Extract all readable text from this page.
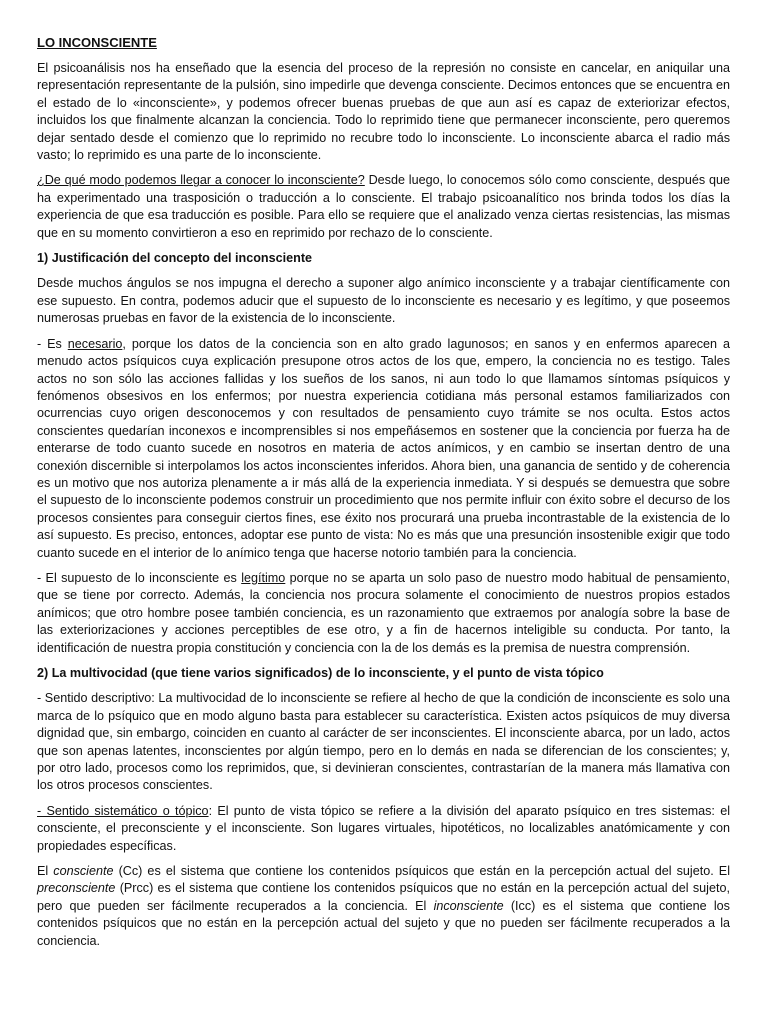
LO INCONSCIENTE

El psicoanálisis nos ha enseñado que la esencia del proceso de la represión no consiste en cancelar, en aniquilar una representación representante de la pulsión, sino impedirle que devenga consciente. Decimos entonces que se encuentra en el estado de lo «inconsciente», y podemos ofrecer buenas pruebas de que aun así es capaz de exteriorizar efectos, incluidos los que finalmente alcanzan la conciencia. Todo lo reprimido tiene que permanecer inconsciente, pero queremos dejar sentado desde el comienzo que lo reprimido no recubre todo lo inconsciente. Lo inconsciente abarca el radio más vasto; lo reprimido es una parte de lo inconsciente.

¿De qué modo podemos llegar a conocer lo inconsciente? Desde luego, lo conocemos sólo como consciente, después que ha experimentado una trasposición o traducción a lo consciente. El trabajo psicoanalítico nos brinda todos los días la experiencia de que esa traducción es posible. Para ello se requiere que el analizado venza ciertas resistencias, las mismas que en su momento convirtieron a eso en reprimido por rechazo de lo consciente.

1) Justificación del concepto del inconsciente

Desde muchos ángulos se nos impugna el derecho a suponer algo anímico inconsciente y a trabajar científicamente con ese supuesto. En contra, podemos aducir que el supuesto de lo inconsciente es necesario y es legítimo, y que poseemos numerosas pruebas en favor de la existencia de lo inconsciente.

- Es necesario, porque los datos de la conciencia son en alto grado lagunosos; en sanos y en enfermos aparecen a menudo actos psíquicos cuya explicación presupone otros actos de los que, empero, la conciencia no es testigo. Tales actos no son sólo las acciones fallidas y los sueños de los sanos, ni aun todo lo que llamamos síntomas psíquicos y fenómenos obsesivos en los enfermos; por nuestra experiencia cotidiana más personal estamos familiarizados con ocurrencias cuyo origen desconocemos y con resultados de pensamiento cuyo trámite se nos oculta. Estos actos conscientes quedarían inconexos e incomprensibles si nos empeñásemos en sostener que la conciencia por fuerza ha de enterarse de todo cuanto sucede en nosotros en materia de actos anímicos, y en cambio se insertan dentro de una conexión discernible si interpolamos los actos inconscientes inferidos. Ahora bien, una ganancia de sentido y de coherencia es un motivo que nos autoriza plenamente a ir más allá de la experiencia inmediata. Y si después se demuestra que sobre el supuesto de lo inconsciente podemos construir un procedimiento que nos permite influir con éxito sobre el decurso de los procesos consientes para conseguir ciertos fines, ese éxito nos procurará una prueba incontrastable de la existencia de lo así supuesto. Es preciso, entonces, adoptar ese punto de vista: No es más que una presunción insostenible exigir que todo cuanto sucede en el interior de lo anímico tenga que hacerse notorio también para la conciencia.

- El supuesto de lo inconsciente es legítimo porque no se aparta un solo paso de nuestro modo habitual de pensamiento, que se tiene por correcto. Además, la conciencia nos procura solamente el conocimiento de nuestros propios estados anímicos; que otro hombre posee también conciencia, es un razonamiento que extraemos por analogía sobre la base de las exteriorizaciones y acciones perceptibles de ese otro, y a fin de hacernos inteligible su conducta. Por tanto, la identificación de nuestra propia constitución y conciencia con la de los demás es la premisa de nuestra comprensión.

2) La multivocidad (que tiene varios significados) de lo inconsciente, y el punto de vista tópico

- Sentido descriptivo: La multivocidad de lo inconsciente se refiere al hecho de que la condición de inconsciente es solo una marca de lo psíquico que en modo alguno basta para establecer su característica. Existen actos psíquicos de muy diversa dignidad que, sin embargo, coinciden en cuanto al carácter de ser inconscientes. El inconsciente abarca, por un lado, actos que son apenas latentes, inconscientes por algún tiempo, pero en lo demás en nada se diferencian de los conscientes; y, por otro lado, procesos como los reprimidos, que, si devinieran conscientes, contrastarían de la manera más llamativa con los otros procesos conscientes.

- Sentido sistemático o tópico: El punto de vista tópico se refiere a la división del aparato psíquico en tres sistemas: el consciente, el preconsciente y el inconsciente. Son lugares virtuales, hipotéticos, no localizables anatómicamente y con propiedades específicas.

El consciente (Cc) es el sistema que contiene los contenidos psíquicos que están en la percepción actual del sujeto. El preconsciente (Prcc) es el sistema que contiene los contenidos psíquicos que no están en la percepción actual del sujeto, pero que pueden ser fácilmente recuperados a la conciencia. El inconsciente (Icc) es el sistema que contiene los contenidos psíquicos que no están en la percepción actual del sujeto y que no pueden ser fácilmente recuperados a la conciencia.
